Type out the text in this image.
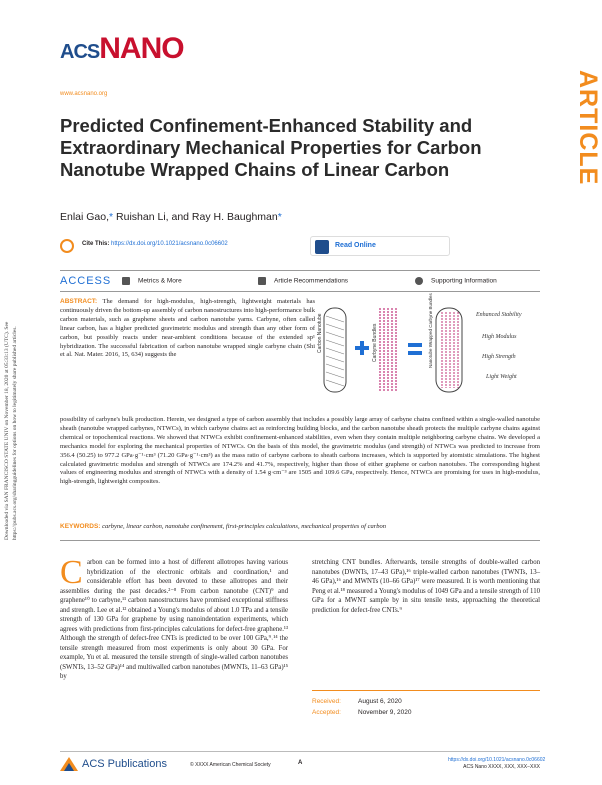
ACSNANO
www.acsnano.org	ARTICLE
Downloaded via SAN FRANCISCO STATE UNIV on November 18, 2020 at 05:33:13 (UTC). See https://pubs.acs.org/sharingguidelines for options on how to legitimately share published articles.
Predicted Confinement-Enhanced Stability and Extraordinary Mechanical Properties for Carbon Nanotube Wrapped Chains of Linear Carbon
Enlai Gao,* Ruishan Li, and Ray H. Baughman*
Cite This: https://dx.doi.org/10.1021/acsnano.0c06602	Read Online
ACCESS	Metrics & More	Article Recommendations	Supporting Information
ABSTRACT: The demand for high-modulus, high-strength, lightweight materials has continuously driven the bottom-up assembly of carbon nanostructures into high-performance bulk carbon materials, such as graphene sheets and carbon nanotube yarns. Carbyne, often called linear carbon, has a higher predicted gravimetric modulus and strength than any other form of carbon, but possibly reacts under near-ambient conditions because of the extended sp¹ hybridization. The successful fabrication of carbon nanotube wrapped single carbyne chain (Shi et al. Nat. Mater. 2016, 15, 634) suggests the
Carbon Nanotube	Carbyne Bundles	Nanotube Wrapped Carbyne Bundles	Enhanced Stability
High Modulus
High Strength
Light Weight
possibility of carbyne's bulk production. Herein, we designed a type of carbon assembly that includes a possibly large array of carbyne chains confined within a single-walled nanotube sheath (nanotube wrapped carbynes, NTWCs), in which carbyne chains act as reinforcing building blocks, and the carbon nanotube sheath protects the multiple carbyne chains against chemical or topochemical reactions. We showed that NTWCs exhibit confinement-enhanced stabilities, even when they contain multiple neighboring carbyne chains. We developed a mechanics model for exploring the mechanical properties of NTWCs. On the basis of this model, the gravimetric modulus (and strength) of NTWCs was predicted to increase from 356.4 (50.25) to 977.2 GPa·g⁻¹·cm³ (71.20 GPa·g⁻¹·cm³) as the mass ratio of carbyne carbons to sheath carbons increases, which is supported by atomistic simulations. The highest calculated gravimetric modulus and strength of NTWCs are 174.2% and 41.7%, respectively, higher than those of either graphene or carbon nanotubes. The corresponding highest values of engineering modulus and strength of NTWCs with a density of 1.54 g·cm⁻³ are 1505 and 109.6 GPa, respectively. Hence, NTWCs are promising for uses in high-modulus, high-strength, lightweight composites.
KEYWORDS: carbyne, linear carbon, nanotube confinement, first-principles calculations, mechanical properties of carbon
Carbon can be formed into a host of different allotropes having various hybridization of the electronic orbitals and coordination,¹ and considerable effort has been devoted to these allotropes and their assemblies during the past decades.²⁻⁸ From carbon nanotube (CNT)⁹ and graphene¹⁰ to carbyne,¹¹ carbon nanostructures have promised exceptional stiffness and strength. Lee et al.¹² obtained a Young's modulus of about 1.0 TPa and a tensile strength of 130 GPa for graphene by using nanoindentation experiments, which agrees with predictions from first-principles calculations for defect-free graphene.¹³ Although the strength of defect-free CNTs is predicted to be over 100 GPa,⁹˒¹⁴ the tensile strength measured from most experiments is only about 30 GPa. For example, Yu et al. measured the tensile strength of single-walled carbon nanotubes (SWNTs, 13–52 GPa)¹⁴ and multiwalled carbon nanotubes (MWNTs, 11–63 GPa)¹⁵ by
stretching CNT bundles. Afterwards, tensile strengths of double-walled carbon nanotubes (DWNTs, 17–43 GPa),¹⁶ triple-walled carbon nanotubes (TWNTs, 13–46 GPa),¹⁶ and MWNTs (10–66 GPa)¹⁷ were measured. It is worth mentioning that Peng et al.¹⁸ measured a Young's modulus of 1049 GPa and a tensile strength of 110 GPa for a MWNT sample by in situ tensile tests, approaching the theoretical prediction for defect-free CNTs.⁹
Received:	August 6, 2020
Accepted:	November 9, 2020
ACS Publications	© XXXX American Chemical Society	A	https://dx.doi.org/10.1021/acsnano.0c06602
ACS Nano XXXX, XXX, XXX−XXX
